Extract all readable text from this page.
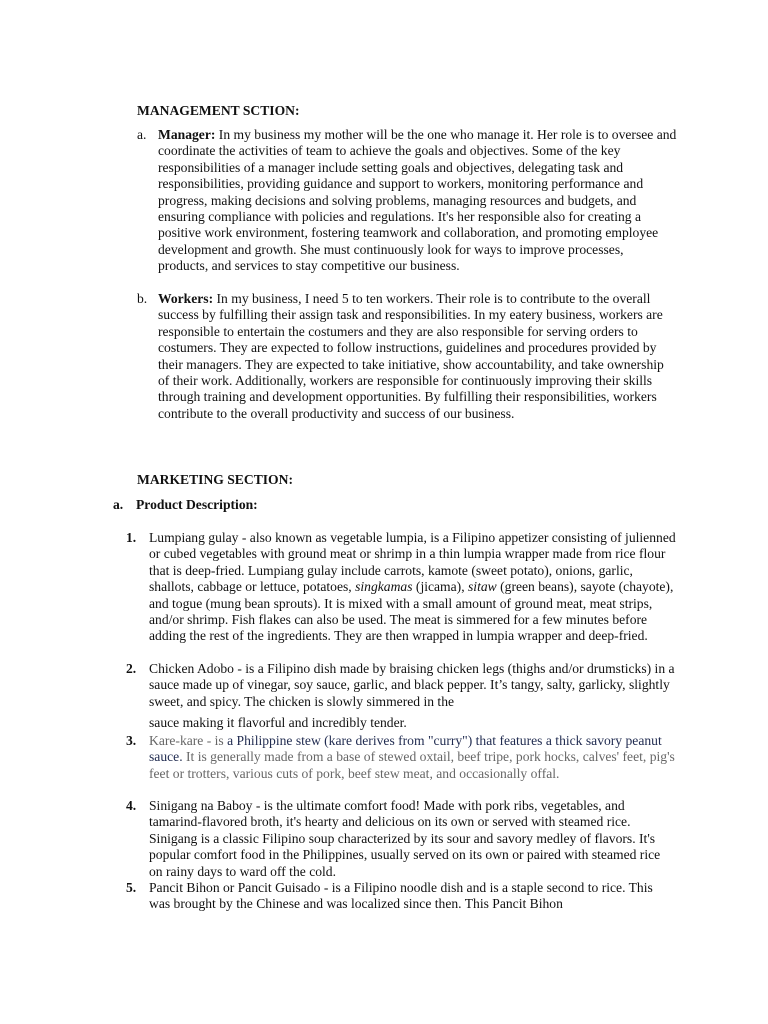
MANAGEMENT SCTION:
a. Manager: In my business my mother will be the one who manage it. Her role is to oversee and coordinate the activities of team to achieve the goals and objectives. Some of the key responsibilities of a manager include setting goals and objectives, delegating task and responsibilities, providing guidance and support to workers, monitoring performance and progress, making decisions and solving problems, managing resources and budgets, and ensuring compliance with policies and regulations. It's her responsible also for creating a positive work environment, fostering teamwork and collaboration, and promoting employee development and growth. She must continuously look for ways to improve processes, products, and services to stay competitive our business.

b. Workers: In my business, I need 5 to ten workers. Their role is to contribute to the overall success by fulfilling their assign task and responsibilities. In my eatery business, workers are responsible to entertain the costumers and they are also responsible for serving orders to costumers. They are expected to follow instructions, guidelines and procedures provided by their managers. They are expected to take initiative, show accountability, and take ownership of their work. Additionally, workers are responsible for continuously improving their skills through training and development opportunities. By fulfilling their responsibilities, workers contribute to the overall productivity and success of our business.

MARKETING SECTION:
a. Product Description:
1. Lumpiang gulay - also known as vegetable lumpia, is a Filipino appetizer consisting of julienned or cubed vegetables with ground meat or shrimp in a thin lumpia wrapper made from rice flour that is deep-fried. Lumpiang gulay include carrots, kamote (sweet potato), onions, garlic, shallots, cabbage or lettuce, potatoes, singkamas (jicama), sitaw (green beans), sayote (chayote), and togue (mung bean sprouts). It is mixed with a small amount of ground meat, meat strips, and/or shrimp. Fish flakes can also be used. The meat is simmered for a few minutes before adding the rest of the ingredients. They are then wrapped in lumpia wrapper and deep-fried.

2. Chicken Adobo - is a Filipino dish made by braising chicken legs (thighs and/or drumsticks) in a sauce made up of vinegar, soy sauce, garlic, and black pepper. It’s tangy, salty, garlicky, slightly sweet, and spicy. The chicken is slowly simmered in the

sauce making it flavorful and incredibly tender.

3. Kare-kare - is a Philippine stew (kare derives from "curry") that features a thick savory peanut sauce. It is generally made from a base of stewed oxtail, beef tripe, pork hocks, calves' feet, pig's feet or trotters, various cuts of pork, beef stew meat, and occasionally offal.

4. Sinigang na Baboy - is the ultimate comfort food! Made with pork ribs, vegetables, and tamarind-flavored broth, it's hearty and delicious on its own or served with steamed rice. Sinigang is a classic Filipino soup characterized by its sour and savory medley of flavors. It's popular comfort food in the Philippines, usually served on its own or paired with steamed rice on rainy days to ward off the cold.

5. Pancit Bihon or Pancit Guisado - is a Filipino noodle dish and is a staple second to rice. This was brought by the Chinese and was localized since then. This Pancit Bihon
